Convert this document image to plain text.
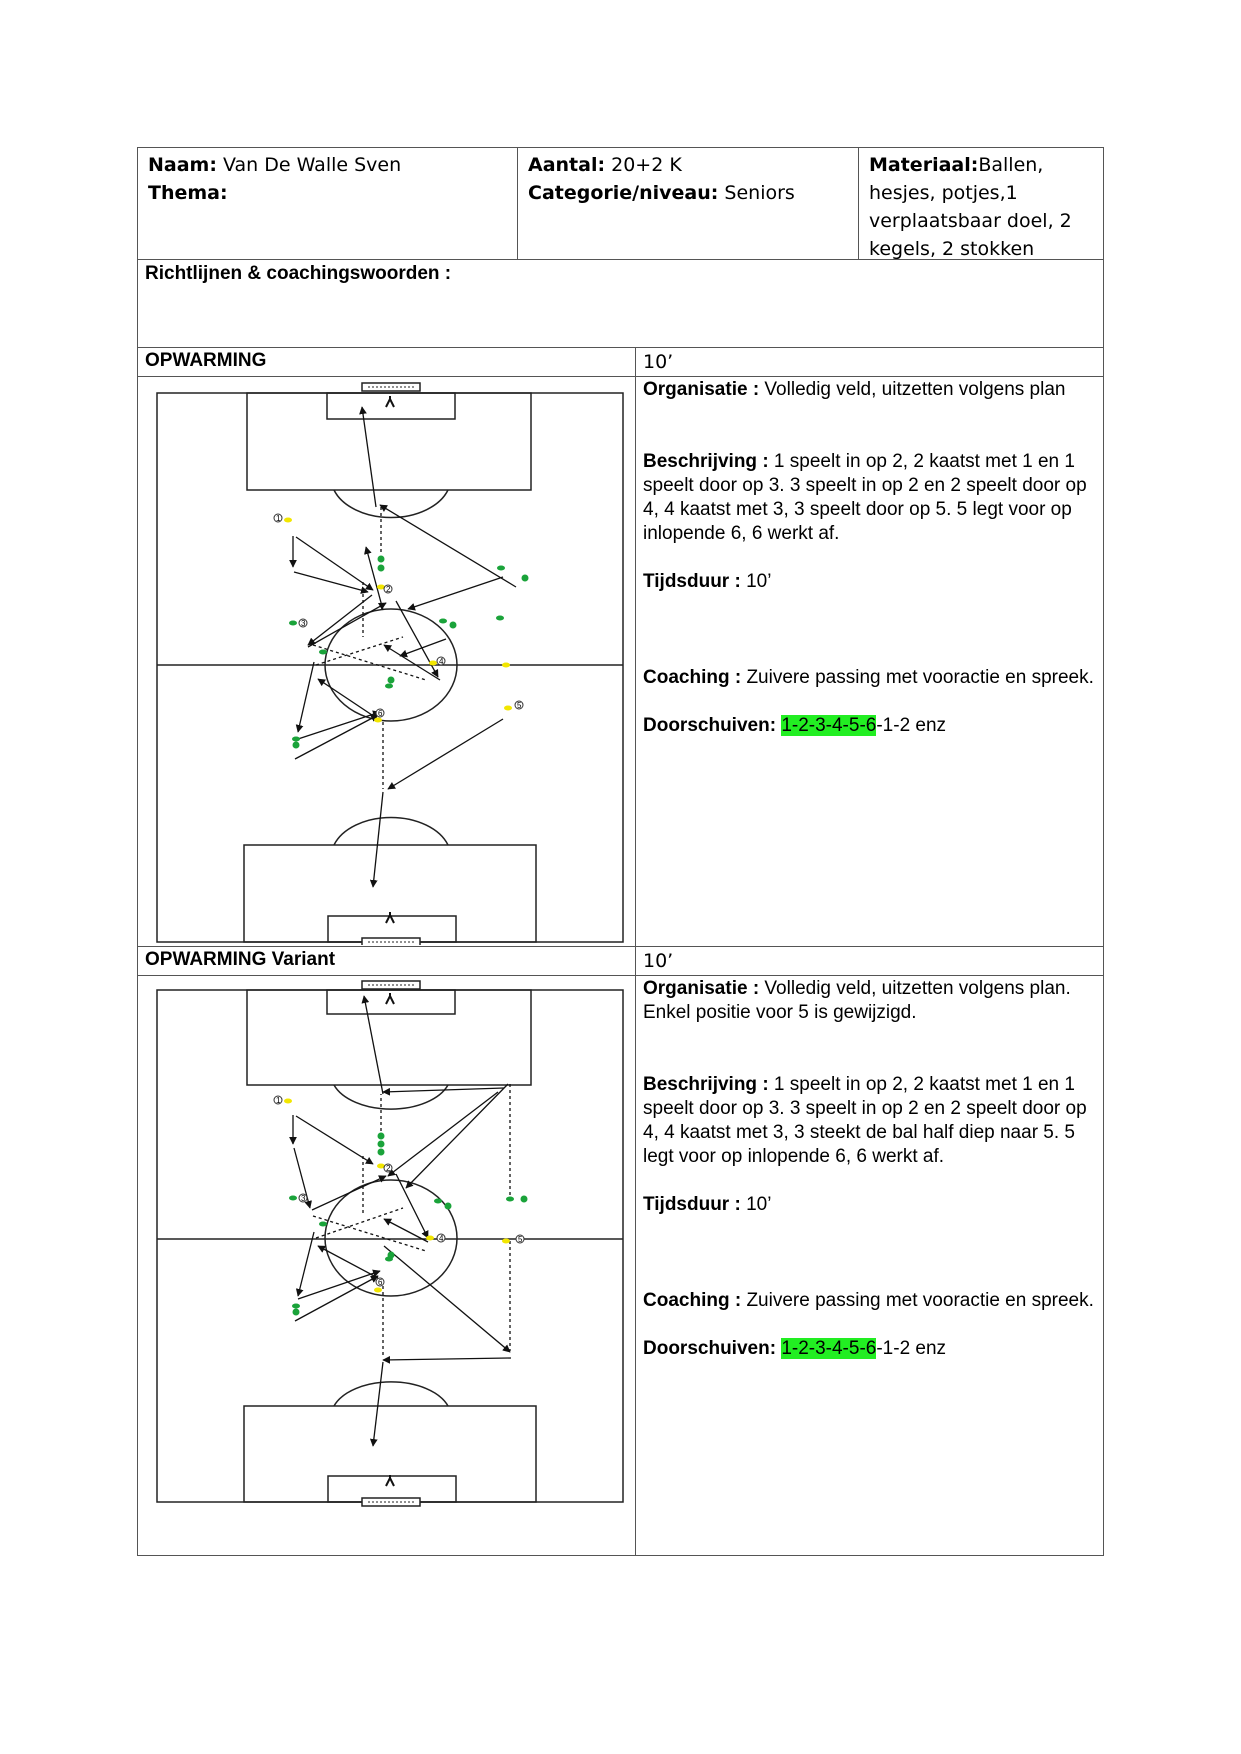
Naam: Van De Walle Sven
Thema:
Aantal: 20+2 K
Categorie/niveau: Seniors
Materiaal:Ballen, hesjes, potjes,1 verplaatsbaar doel, 2 kegels, 2 stokken
Richtlijnen & coachingswoorden :
OPWARMING	10’
1
2
3
4
5
6

Organisatie : Volledig veld, uitzetten volgens plan

Beschrijving : 1 speelt in op 2, 2 kaatst met 1 en 1 speelt door op 3. 3 speelt in op 2 en 2 speelt door op 4, 4 kaatst met 3, 3 speelt door op 5. 5 legt voor op inlopende 6, 6 werkt af.

Tijdsduur : 10’

Coaching : Zuivere passing met vooractie en spreek.

Doorschuiven: 1-2-3-4-5-6-1-2 enz

OPWARMING Variant	10’
1
2
3
4	5
6

Organisatie : Volledig veld, uitzetten volgens plan. Enkel positie voor 5 is gewijzigd.

Beschrijving : 1 speelt in op 2, 2 kaatst met 1 en 1 speelt door op 3. 3 speelt in op 2 en 2 speelt door op 4, 4 kaatst met 3, 3 steekt de bal half diep naar 5. 5 legt voor op inlopende 6, 6 werkt af.

Tijdsduur : 10’

Coaching : Zuivere passing met vooractie en spreek.

Doorschuiven: 1-2-3-4-5-6-1-2 enz
